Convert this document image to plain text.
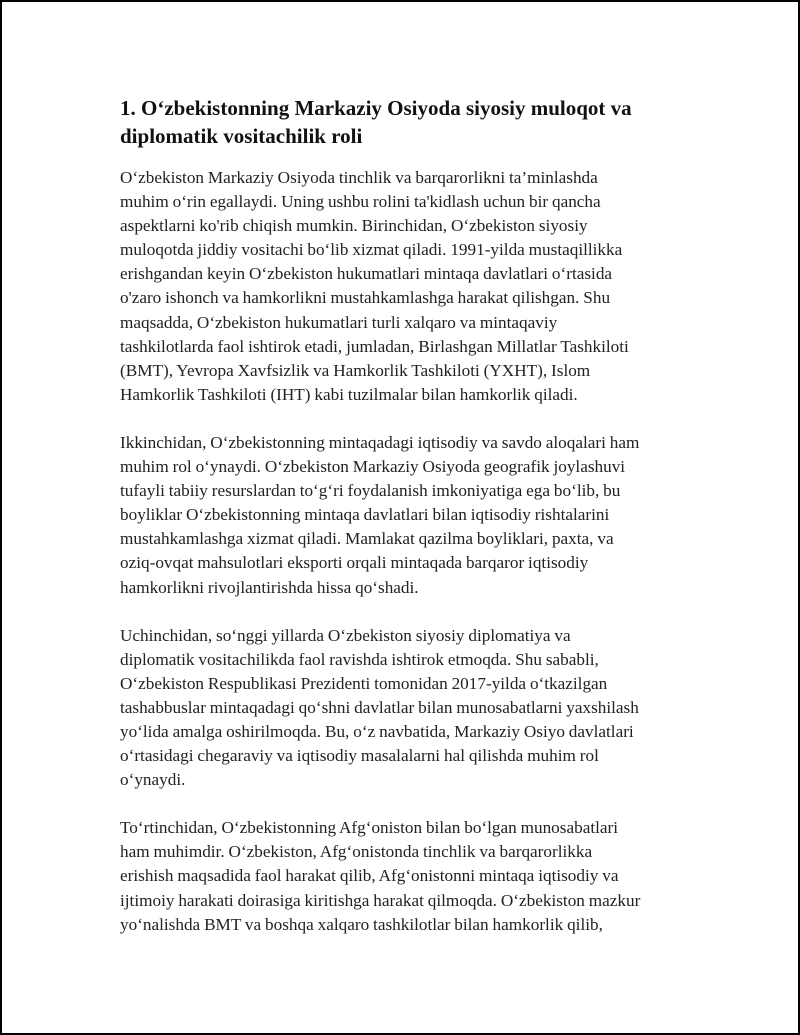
1. O‘zbekistonning Markaziy Osiyoda siyosiy muloqot va
diplomatik vositachilik roli

O‘zbekiston Markaziy Osiyoda tinchlik va barqarorlikni ta’minlashda
muhim o‘rin egallaydi. Uning ushbu rolini ta'kidlash uchun bir qancha
aspektlarni ko'rib chiqish mumkin. Birinchidan, O‘zbekiston siyosiy
muloqotda jiddiy vositachi bo‘lib xizmat qiladi. 1991-yilda mustaqillikka
erishgandan keyin O‘zbekiston hukumatlari mintaqa davlatlari o‘rtasida
o'zaro ishonch va hamkorlikni mustahkamlashga harakat qilishgan. Shu
maqsadda, O‘zbekiston hukumatlari turli xalqaro va mintaqaviy
tashkilotlarda faol ishtirok etadi, jumladan, Birlashgan Millatlar Tashkiloti
(BMT), Yevropa Xavfsizlik va Hamkorlik Tashkiloti (YXHT), Islom
Hamkorlik Tashkiloti (IHT) kabi tuzilmalar bilan hamkorlik qiladi.

Ikkinchidan, O‘zbekistonning mintaqadagi iqtisodiy va savdo aloqalari ham
muhim rol o‘ynaydi. O‘zbekiston Markaziy Osiyoda geografik joylashuvi
tufayli tabiiy resurslardan to‘g‘ri foydalanish imkoniyatiga ega bo‘lib, bu
boyliklar O‘zbekistonning mintaqa davlatlari bilan iqtisodiy rishtalarini
mustahkamlashga xizmat qiladi. Mamlakat qazilma boyliklari, paxta, va
oziq-ovqat mahsulotlari eksporti orqali mintaqada barqaror iqtisodiy
hamkorlikni rivojlantirishda hissa qo‘shadi.

Uchinchidan, so‘nggi yillarda O‘zbekiston siyosiy diplomatiya va
diplomatik vositachilikda faol ravishda ishtirok etmoqda. Shu sababli,
O‘zbekiston Respublikasi Prezidenti tomonidan 2017-yilda o‘tkazilgan
tashabbuslar mintaqadagi qo‘shni davlatlar bilan munosabatlarni yaxshilash
yo‘lida amalga oshirilmoqda. Bu, o‘z navbatida, Markaziy Osiyo davlatlari
o‘rtasidagi chegaraviy va iqtisodiy masalalarni hal qilishda muhim rol
o‘ynaydi.

To‘rtinchidan, O‘zbekistonning Afg‘oniston bilan bo‘lgan munosabatlari
ham muhimdir. O‘zbekiston, Afg‘onistonda tinchlik va barqarorlikka
erishish maqsadida faol harakat qilib, Afg‘onistonni mintaqa iqtisodiy va
ijtimoiy harakati doirasiga kiritishga harakat qilmoqda. O‘zbekiston mazkur
yo‘nalishda BMT va boshqa xalqaro tashkilotlar bilan hamkorlik qilib,
